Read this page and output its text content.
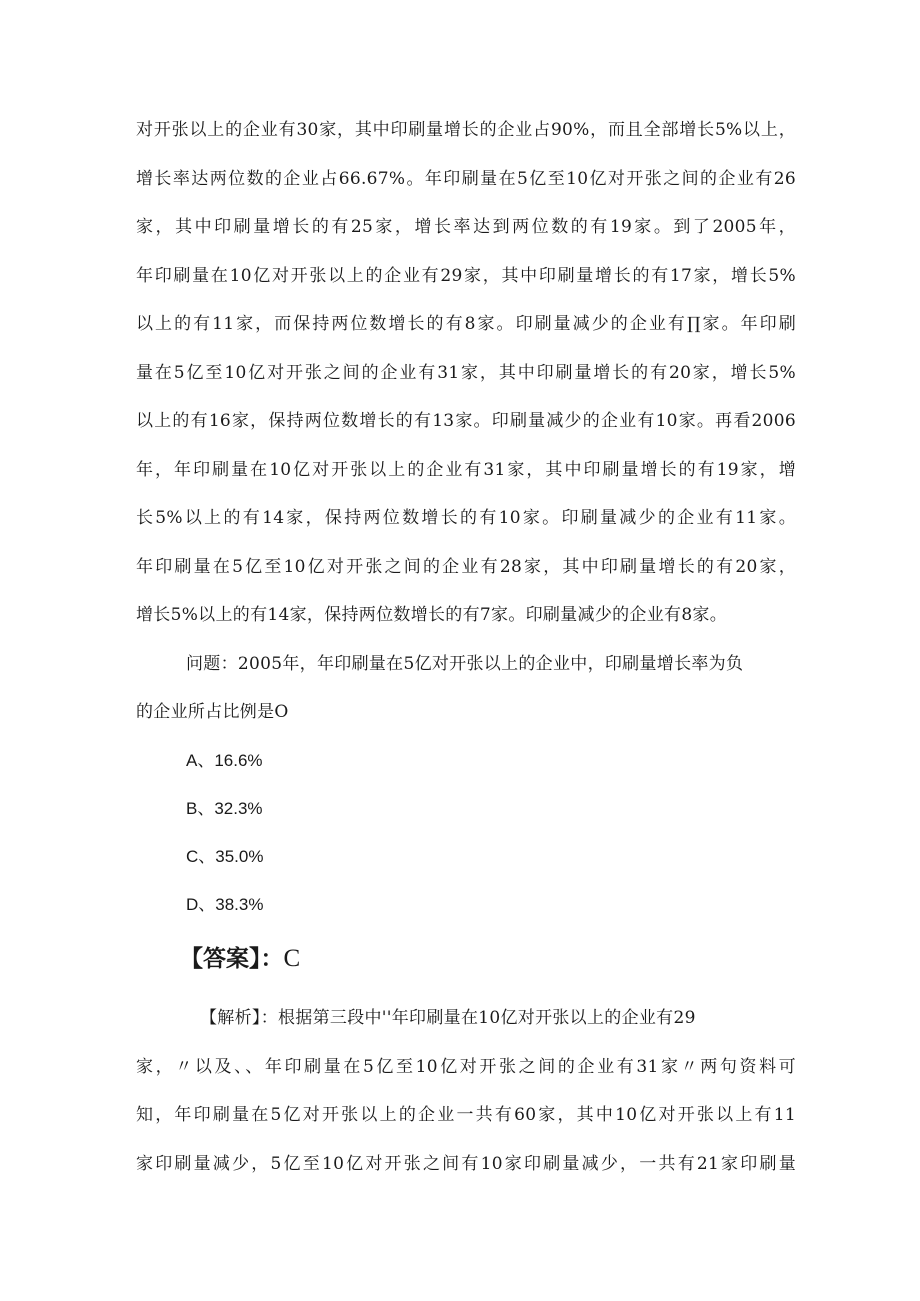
对开张以上的企业有30家，其中印刷量增长的企业占90%，而且全部增长5%以上，
增长率达两位数的企业占66.67%。年印刷量在5亿至10亿对开张之间的企业有26
家，其中印刷量增长的有25家，增长率达到两位数的有19家。到了2005年，
年印刷量在10亿对开张以上的企业有29家，其中印刷量增长的有17家，增长5%
以上的有11家，而保持两位数增长的有8家。印刷量减少的企业有∏家。年印刷
量在5亿至10亿对开张之间的企业有31家，其中印刷量增长的有20家，增长5%
以上的有16家，保持两位数增长的有13家。印刷量减少的企业有10家。再看2006
年，年印刷量在10亿对开张以上的企业有31家，其中印刷量增长的有19家，增
长5%以上的有14家，保持两位数增长的有10家。印刷量减少的企业有11家。
年印刷量在5亿至10亿对开张之间的企业有28家，其中印刷量增长的有20家，
增长5%以上的有14家，保持两位数增长的有7家。印刷量减少的企业有8家。
问题：2005年，年印刷量在5亿对开张以上的企业中，印刷量增长率为负
的企业所占比例是O
A、16.6%
B、32.3%
C、35.0%
D、38.3%
【答案】：C
【解析】：根据第三段中''年印刷量在10亿对开张以上的企业有29
家，〃以及、、年印刷量在5亿至10亿对开张之间的企业有31家〃两句资料可
知，年印刷量在5亿对开张以上的企业一共有60家，其中10亿对开张以上有11
家印刷量减少，5亿至10亿对开张之间有10家印刷量减少，一共有21家印刷量
